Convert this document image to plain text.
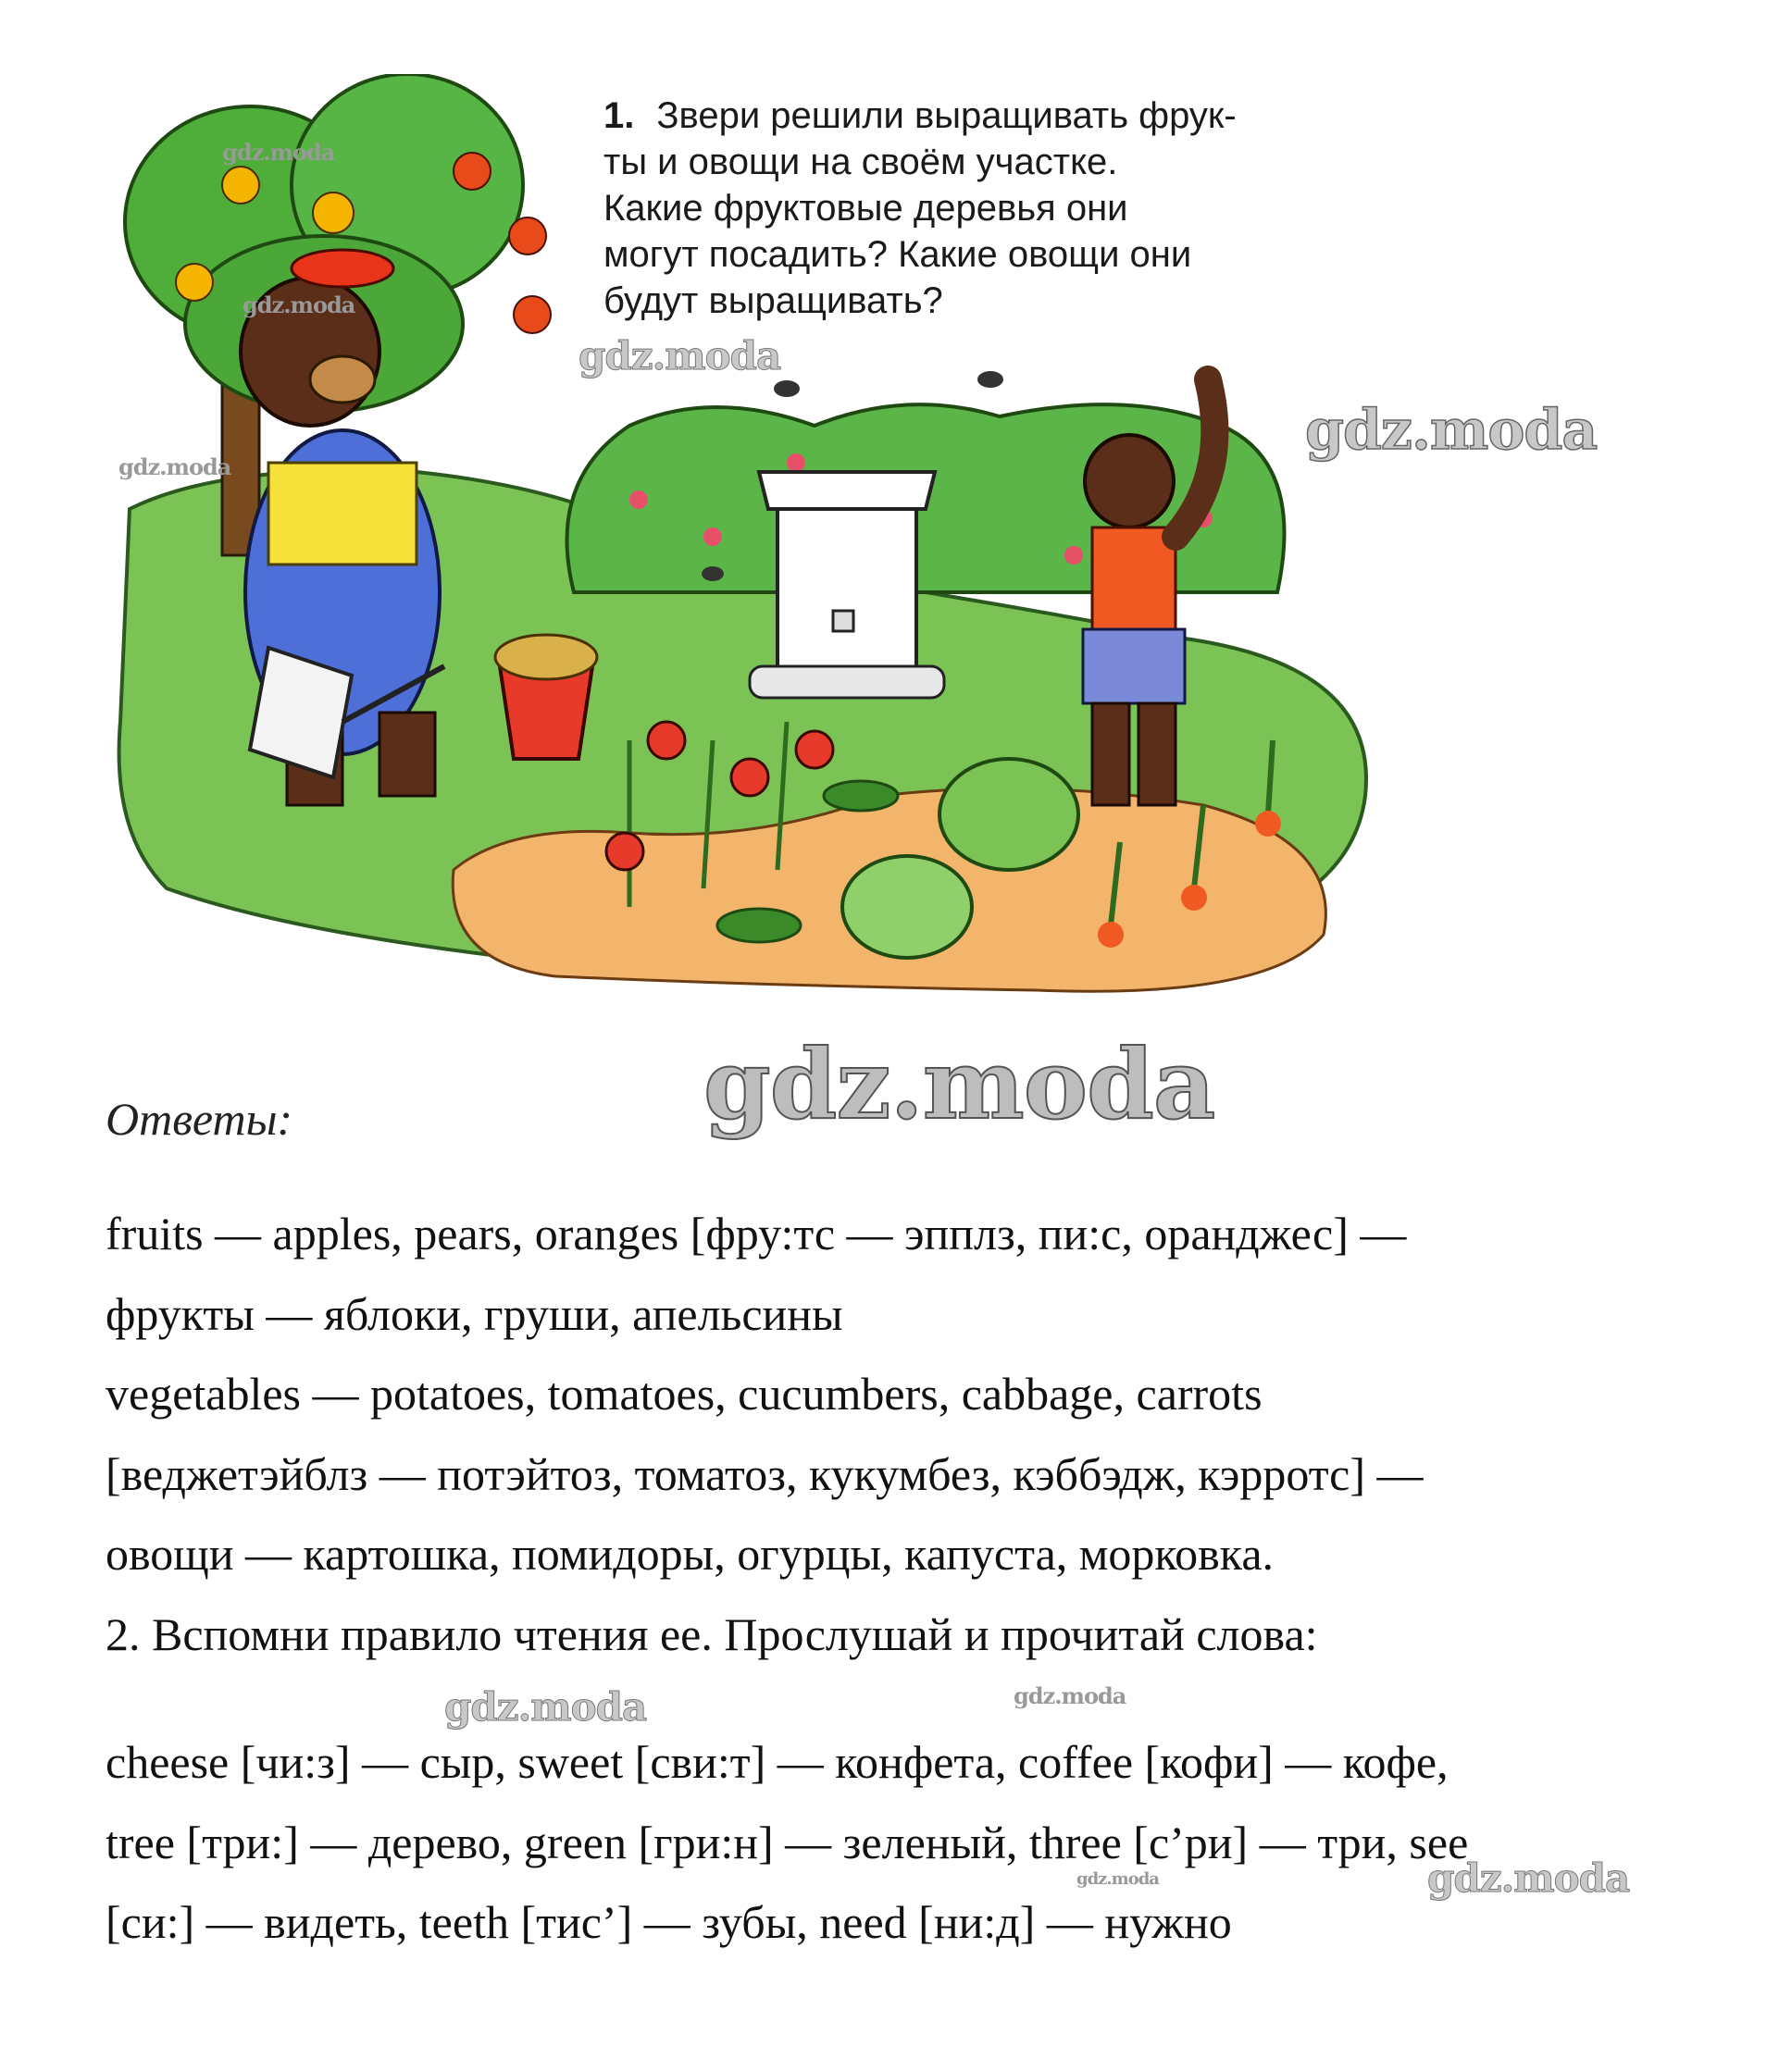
1. Звери решили выращивать фрук-
ты и овощи на своём участке.
Какие фруктовые деревья они
могут посадить? Какие овощи они
будут выращивать?
Ответы:

fruits — apples, pears, oranges [фру:тс — эпплз, пи:с, оранджес] —

фрукты — яблоки, груши, апельсины

vegetables — potatoes, tomatoes, cucumbers, cabbage, carrots

[веджетэйблз — потэйтоз, томатоз, кукумбез, кэббэдж, кэрротс] —

овощи — картошка, помидоры, огурцы, капуста, морковка.

2. Вспомни правило чтения ее. Прослушай и прочитай слова:

cheese [чи:з] — сыр, sweet [сви:т] — конфета, coffee [кофи] — кофе,

tree [три:] — дерево, green [гри:н] — зеленый, three [с’ри] — три, see

[си:] — видеть, teeth [тис’] — зубы, need [ни:д] — нужно

gdz.moda
gdz.moda
gdz.moda
gdz.moda
gdz.moda
gdz.moda
gdz.moda	gdz.moda
gdz.moda	gdz.moda
